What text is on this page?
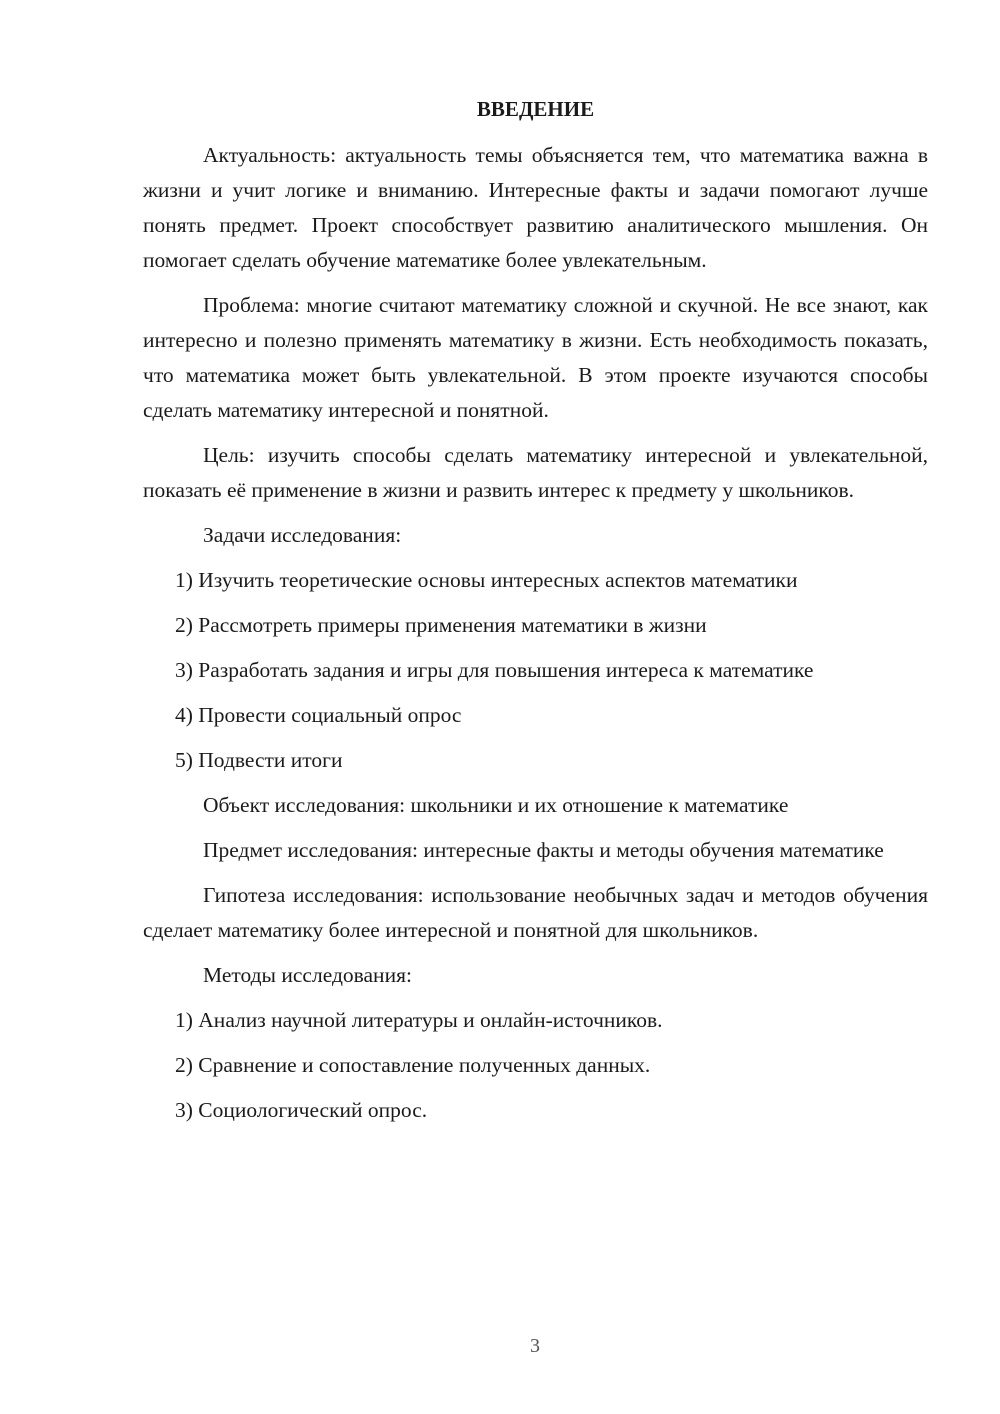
ВВЕДЕНИЕ

Актуальность: актуальность темы объясняется тем, что математика важна в жизни и учит логике и вниманию. Интересные факты и задачи помогают лучше понять предмет. Проект способствует развитию аналитического мышления. Он помогает сделать обучение математике более увлекательным.

Проблема: многие считают математику сложной и скучной. Не все знают, как интересно и полезно применять математику в жизни. Есть необходимость показать, что математика может быть увлекательной. В этом проекте изучаются способы сделать математику интересной и понятной.

Цель: изучить способы сделать математику интересной и увлекательной, показать её применение в жизни и развить интерес к предмету у школьников.

Задачи исследования:
1) Изучить теоретические основы интересных аспектов математики
2) Рассмотреть примеры применения математики в жизни
3) Разработать задания и игры для повышения интереса к математике
4) Провести социальный опрос
5) Подвести итоги

Объект исследования: школьники и их отношение к математике

Предмет исследования: интересные факты и методы обучения математике

Гипотеза исследования: использование необычных задач и методов обучения сделает математику более интересной и понятной для школьников.

Методы исследования:
1) Анализ научной литературы и онлайн-источников.
2) Сравнение и сопоставление полученных данных.
3) Социологический опрос.
3
